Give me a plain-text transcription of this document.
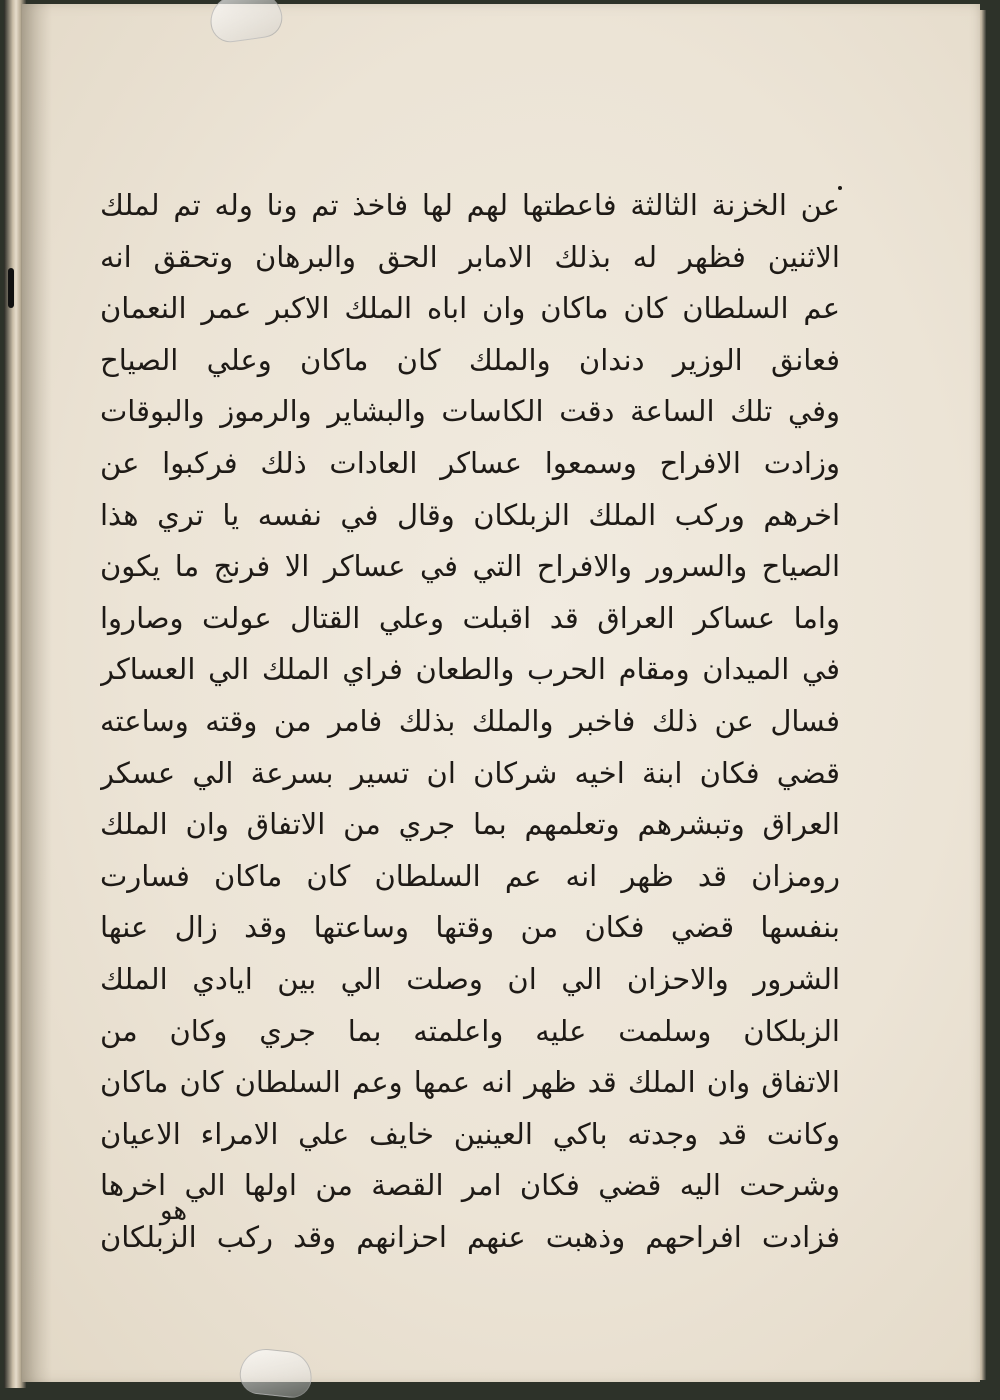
عن الخزنة الثالثة فاعطتها لهم لها فاخذ تم ونا وله تم لملك
الاثنين فظهر له بذلك الامابر الحق والبرهان وتحقق انه
عم السلطان كان ماكان وان اباه الملك الاكبر عمر النعمان
فعانق الوزير دندان والملك كان ماكان وعلي الصياح
وفي تلك الساعة دقت الكاسات والبشاير والرموز والبوقات
وزادت الافراح وسمعوا عساكر العادات ذلك فركبوا عن
اخرهم وركب الملك الزبلكان وقال في نفسه يا تري هذا
الصياح والسرور والافراح التي في عساكر الا فرنج ما يكون
واما عساكر العراق قد اقبلت وعلي القتال عولت وصاروا
في الميدان ومقام الحرب والطعان فراي الملك الي العساكر
فسال عن ذلك فاخبر والملك بذلك فامر من وقته وساعته
قضي فكان ابنة اخيه شركان ان تسير بسرعة الي عسكر
العراق وتبشرهم وتعلمهم بما جري من الاتفاق وان الملك
رومزان قد ظهر انه عم السلطان كان ماكان فسارت
بنفسها قضي فكان من وقتها وساعتها وقد زال عنها
الشرور والاحزان الي ان وصلت الي بين ايادي الملك
الزبلكان وسلمت عليه واعلمته بما جري وكان من
الاتفاق وان الملك قد ظهر انه عمها وعم السلطان كان ماكان
وكانت قد وجدته باكي العينين خايف علي الامراء الاعيان
وشرحت اليه قضي فكان امر القصة من اولها الي اخرها
فزادت افراحهم وذهبت عنهم احزانهم وقد ركب الزبلكان
هو
